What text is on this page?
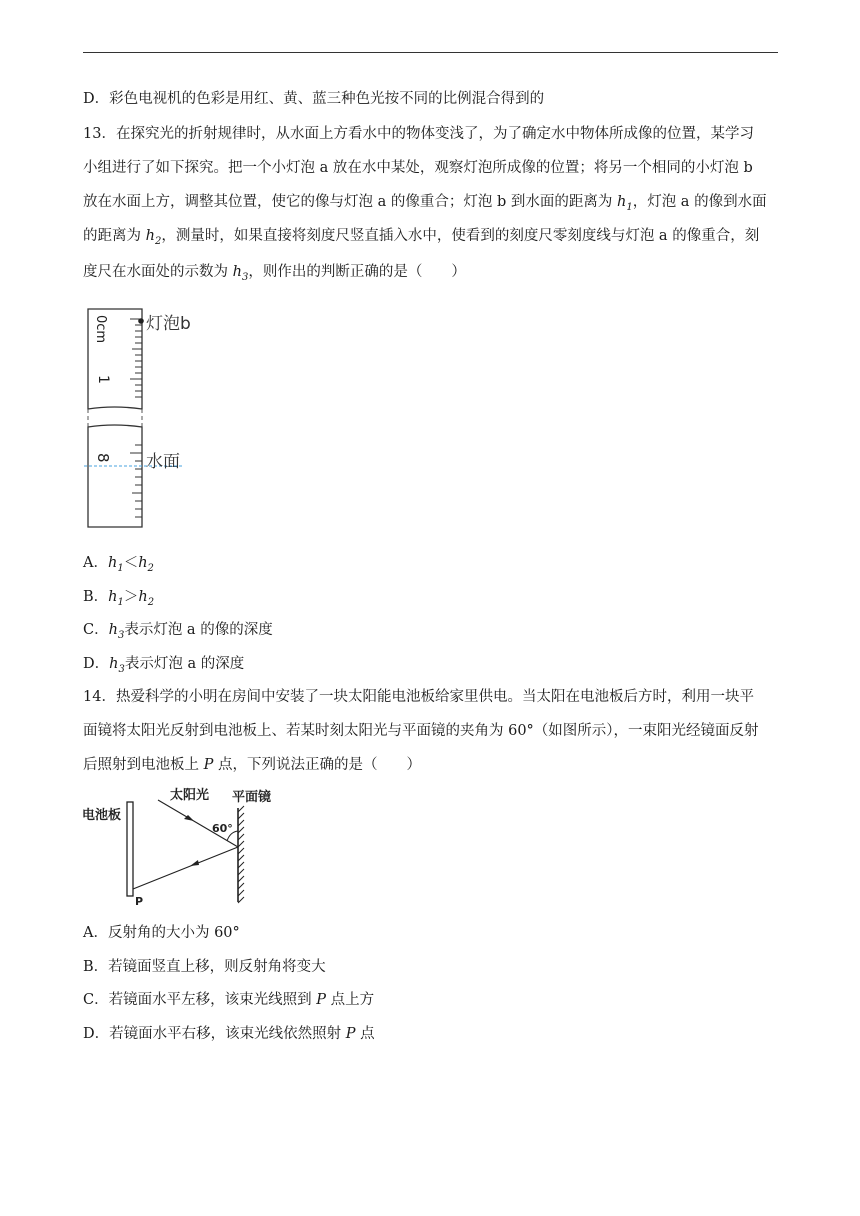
D．彩色电视机的色彩是用红、黄、蓝三种色光按不同的比例混合得到的
13．在探究光的折射规律时，从水面上方看水中的物体变浅了，为了确定水中物体所成像的位置，某学习
小组进行了如下探究。把一个小灯泡 a 放在水中某处，观察灯泡所成像的位置；将另一个相同的小灯泡 b
放在水面上方，调整其位置，使它的像与灯泡 a 的像重合；灯泡 b 到水面的距离为 $h_1$，灯泡 a 的像到水面
的距离为 $h_2$，测量时，如果直接将刻度尺竖直插入水中，使看到的刻度尺零刻度线与灯泡 a 的像重合，刻
度尺在水面处的示数为 $h_3$，则作出的判断正确的是（　　）
0cm
1
8
灯泡b
水面
A．$h_1<h_2$
B．$h_1>h_2$
C．$h_3$表示灯泡 a 的像的深度
D．$h_3$表示灯泡 a 的深度
14．热爱科学的小明在房间中安装了一块太阳能电池板给家里供电。当太阳在电池板后方时，利用一块平
面镜将太阳光反射到电池板上、若某时刻太阳光与平面镜的夹角为 60°（如图所示），一束阳光经镜面反射
后照射到电池板上 P 点，下列说法正确的是（　　）
电池板
P
太阳光 平面镜
60°
A．反射角的大小为 60°
B．若镜面竖直上移，则反射角将变大
C．若镜面水平左移，该束光线照到 P 点上方
D．若镜面水平右移，该束光线依然照射 P 点
